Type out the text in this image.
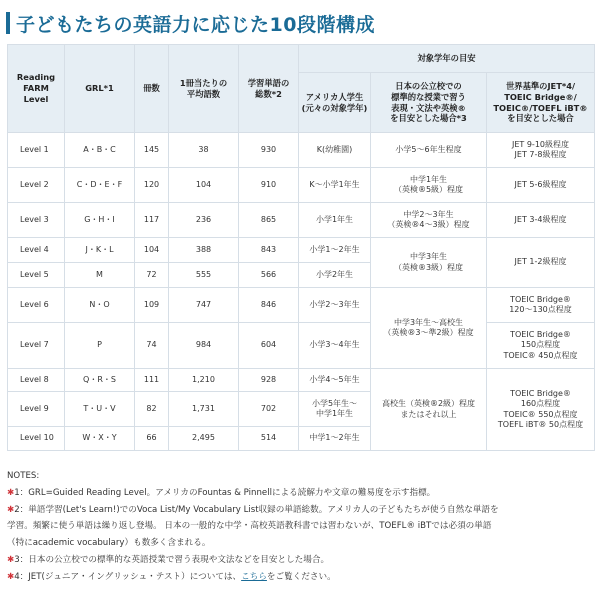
子どもたちの英語力に応じた10段階構成
Reading
FARM
Level	GRL*1	冊数	1冊当たりの
平均語数	学習単語の
総数*2	対象学年の目安		
					アメリカ人学生
(元々の対象学年)	日本の公立校での
標準的な授業で習う
表現・文法や英検®
を目安とした場合*3	世界基準のJET*4/
TOEIC Bridge®/
TOEIC®/TOEFL iBT®
を目安とした場合
Level 1	A・B・C	145	38	930	K(幼稚園)	小学5～6年生程度	JET 9-10級程度
JET 7-8級程度
Level 2	C・D・E・F	120	104	910	K～小学1年生	中学1年生
（英検®5級）程度	JET 5-6級程度
Level 3	G・H・I	117	236	865	小学1年生	中学2～3年生
（英検®4～3級）程度	JET 3-4級程度
Level 4	J・K・L	104	388	843	小学1～2年生	中学3年生
（英検®3級）程度	JET 1-2級程度
Level 5	M	72	555	566	小学2年生		
Level 6	N・O	109	747	846	小学2～3年生	中学3年生～高校生
（英検®3～準2級）程度	TOEIC Bridge®
120～130点程度
Level 7	P	74	984	604	小学3～4年生		TOEIC Bridge®
150点程度
TOEIC® 450点程度
Level 8	Q・R・S	111	1,210	928	小学4～5年生	高校生（英検®2級）程度
またはそれ以上	TOEIC Bridge®
160点程度
TOEIC® 550点程度
TOEFL iBT® 50点程度
Level 9	T・U・V	82	1,731	702	小学5年生～
中学1年生		
Level 10	W・X・Y	66	2,495	514	中学1～2年生		
NOTES:
✱1：GRL=Guided Reading Level。アメリカのFountas & Pinnellによる読解力や文章の難易度を示す指標。
✱2：単語学習(Let's Learn!)でのVoca List/My Vocabulary List収録の単語総数。アメリカ人の子どもたちが使う自然な単語を
学習。頻繁に使う単語は繰り返し登場。 日本の一般的な中学・高校英語教科書では習わないが、TOEFL® iBTでは必須の単語
（特にacademic vocabulary）も数多く含まれる。
✱3：日本の公立校での標準的な英語授業で習う表現や文法などを目安とした場合。
✱4：JET(ジュニア・イングリッシュ・テスト）については、こちらをご覧ください。
